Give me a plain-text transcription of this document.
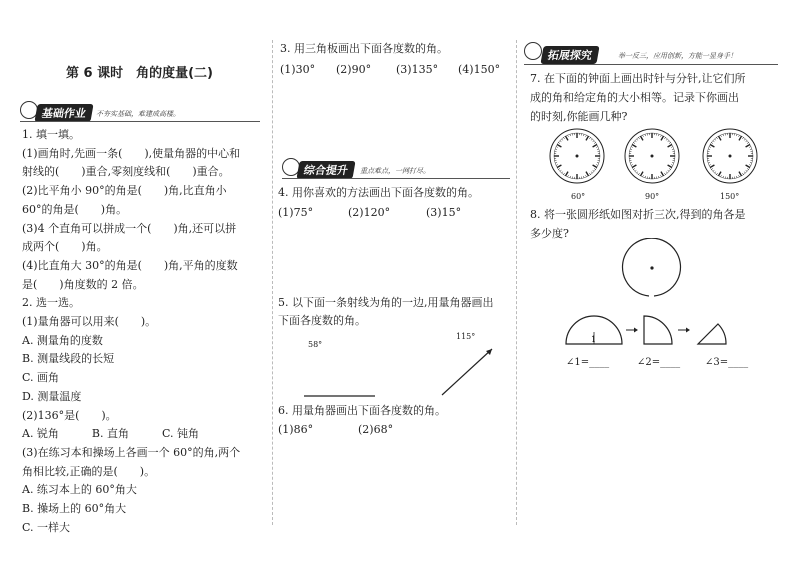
第 6 课时　角的度量(二)
基础作业	不夯实基础，难建成高楼。
1. 填一填。
(1)画角时,先画一条(　　),使量角器的中心和
射线的(　　)重合,零刻度线和(　　)重合。
(2)比平角小 90°的角是(　　)角,比直角小
60°的角是(　　)角。
(3)4 个直角可以拼成一个(　　)角,还可以拼
成两个(　　)角。
(4)比直角大 30°的角是(　　)角,平角的度数
是(　　)角度数的 2 倍。
2. 选一选。
(1)量角器可以用来(　　)。
A. 测量角的度数
B. 测量线段的长短
C. 画角
D. 测量温度
(2)136°是(　　)。
A. 锐角　　　B. 直角　　　C. 钝角
(3)在练习本和操场上各画一个 60°的角,两个
角相比较,正确的是(　　)。
A. 练习本上的 60°角大
B. 操场上的 60°角大
C. 一样大
3. 用三角板画出下面各度数的角。
(1)30° (2)90° (3)135° (4)150°
综合提升	重点难点，一网打尽。
4. 用你喜欢的方法画出下面各度数的角。
(1)75°	(2)120°	(3)15°
5. 以下面一条射线为角的一边,用量角器画出
下面各度数的角。
58°
115°
6. 用量角器画出下面各度数的角。
(1)86°	(2)68°
拓展探究	举一反三，应用创新，方能一显身手！
7. 在下面的钟面上画出时针与分针,让它们所
成的角和给定角的大小相等。记录下你画出
的时刻,你能画几种?
60°	90°	150°
8. 将一张圆形纸如图对折三次,得到的角各是
多少度?
1
∠1=____	∠2=____ ∠3=____
